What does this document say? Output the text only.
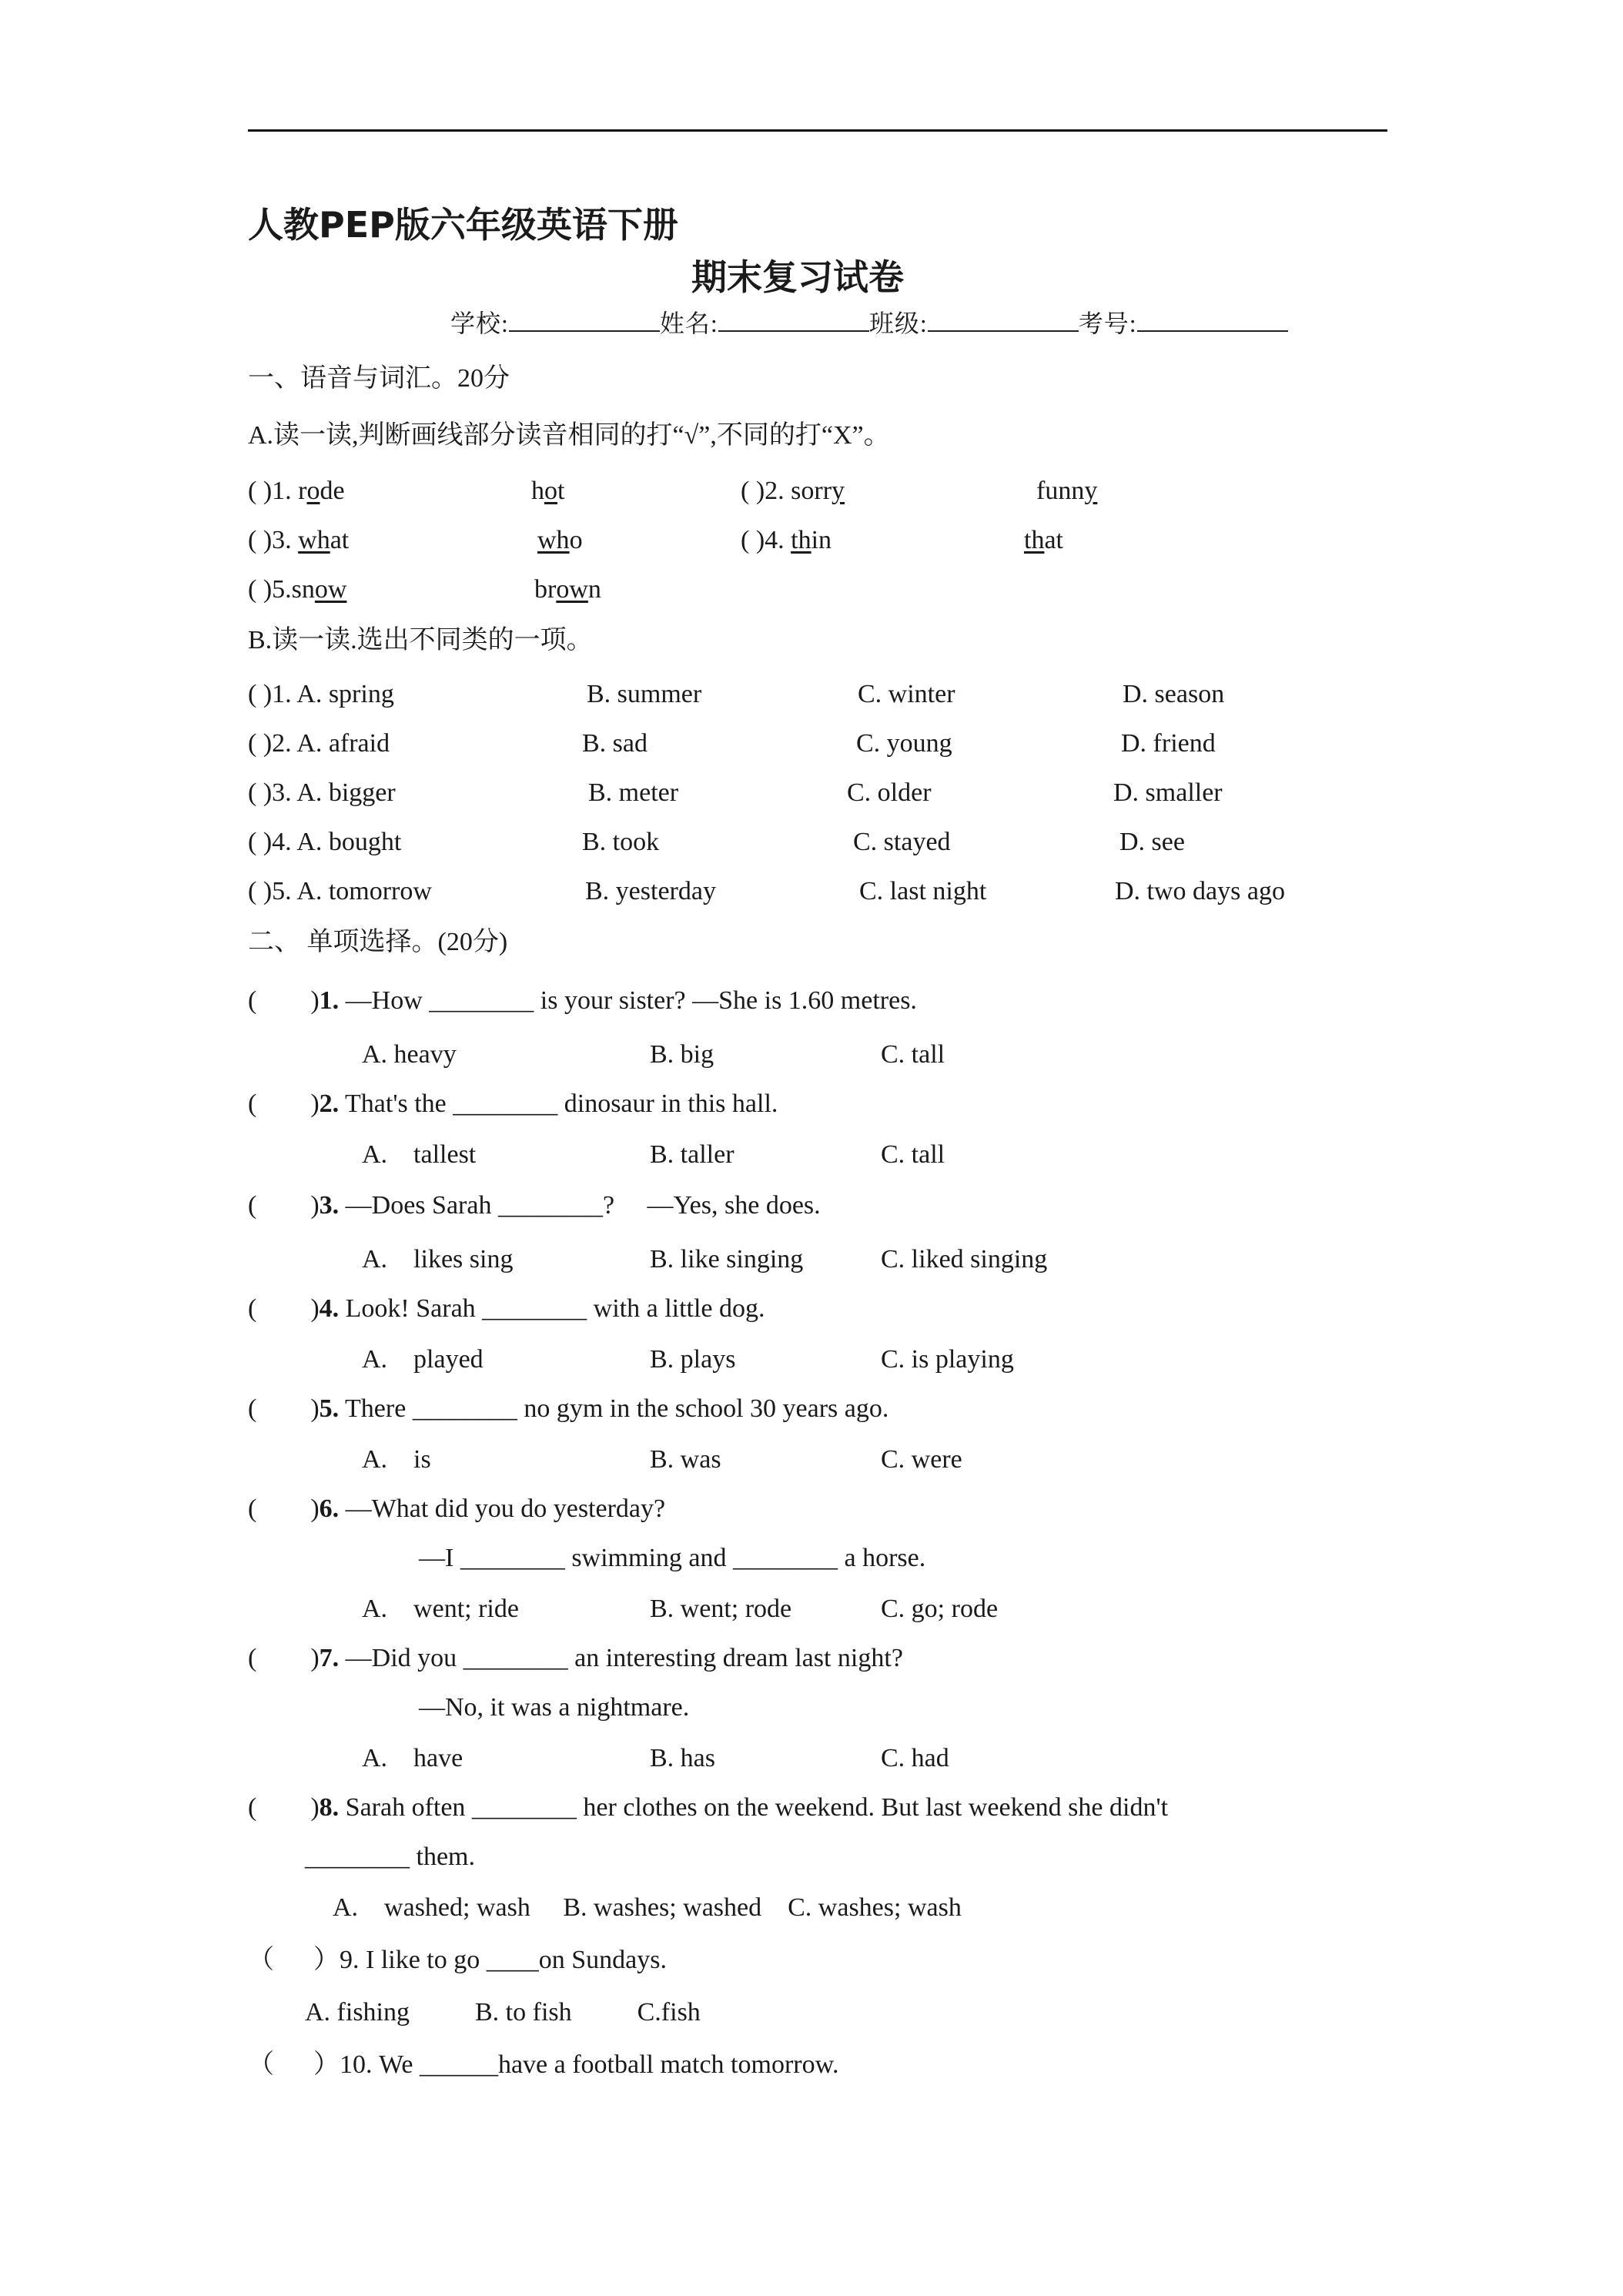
人教PEP版六年级英语下册
期末复习试卷
学校:	姓名:	班级:	考号:
一、语音与词汇。20分
A.读一读,判断画线部分读音相同的打“√”,不同的打“X”。
( )1. rode	hot	( )2. sorry	funny
( )3. what	who	( )4. thin	that
( )5.snow	brown
B.读一读.选出不同类的一项。
( )1. A. spring	B. summer	C. winter	D. season
( )2. A. afraid	B. sad	C. young	D. friend
( )3. A. bigger	B. meter	C. older	D. smaller
( )4. A. bought	B. took	C. stayed	D. see
( )5. A. tomorrow	B. yesterday	C. last night	D. two days ago
二、 单项选择。(20分)
( )1. —How ________ is your sister? —She is 1.60 metres.
A. heavy	B. big	C. tall
( )2. That's the ________ dinosaur in this hall.
A.    tallest	B. taller	C. tall
( )3. —Does Sarah ________?     —Yes, she does.
A.    likes sing	B. like singing	C. liked singing
( )4. Look! Sarah ________ with a little dog.
A.    played	B. plays	C. is playing
( )5. There ________ no gym in the school 30 years ago.
A.    is	B. was	C. were
( )6. —What did you do yesterday?
—I ________ swimming and ________ a horse.
A.    went; ride	B. went; rode	C. go; rode
( )7. —Did you ________ an interesting dream last night?
—No, it was a nightmare.
A.    have	B. has	C. had
( )8. Sarah often ________ her clothes on the weekend. But last weekend she didn't
________ them.
A.    washed; wash     B. washes; washed    C. washes; wash
（      ）9. I like to go ____on Sundays.
A. fishing          B. to fish          C.fish
（      ）10. We ______have a football match tomorrow.
